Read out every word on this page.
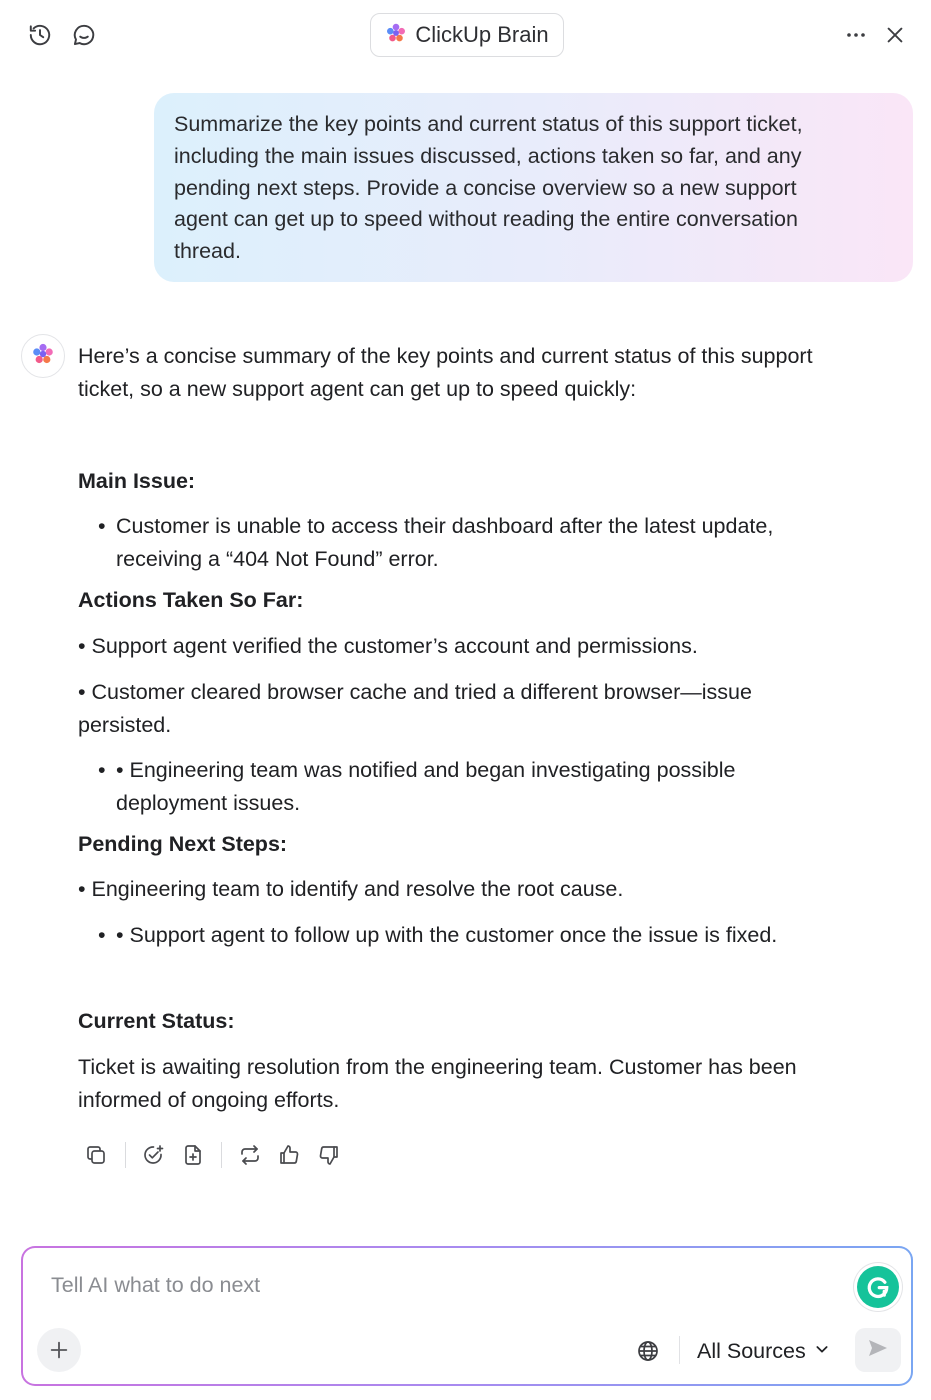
ClickUp Brain
Summarize the key points and current status of this support ticket,
including the main issues discussed, actions taken so far, and any
pending next steps. Provide a concise overview so a new support
agent can get up to speed without reading the entire conversation
thread.
Here’s a concise summary of the key points and current status of this support
ticket, so a new support agent can get up to speed quickly:
Main Issue:
• Customer is unable to access their dashboard after the latest update,
receiving a “404 Not Found” error.
Actions Taken So Far:
• Support agent verified the customer’s account and permissions.
• Customer cleared browser cache and tried a different browser—issue
persisted.
• • Engineering team was notified and began investigating possible
deployment issues.
Pending Next Steps:
• Engineering team to identify and resolve the root cause.
• • Support agent to follow up with the customer once the issue is fixed.
Current Status:
Ticket is awaiting resolution from the engineering team. Customer has been
informed of ongoing efforts.
Tell AI what to do next
All Sources
